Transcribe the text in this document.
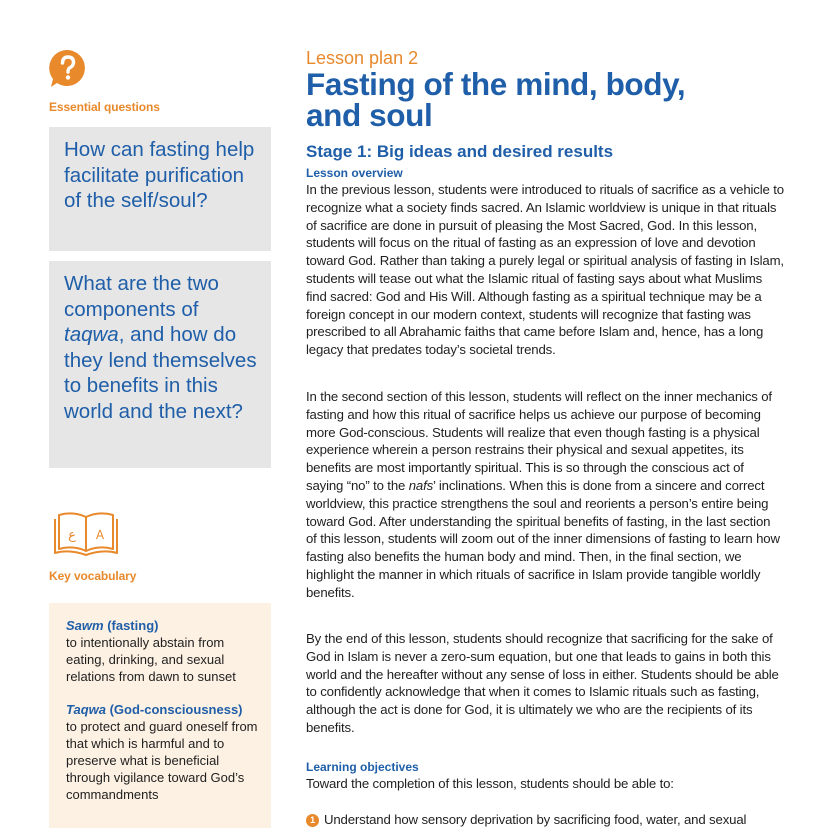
Essential questions
How can fasting help facilitate purification of the self/soul?
What are the two components of taqwa, and how do they lend themselves to benefits in this world and the next?
ع A
Key vocabulary
Sawm (fasting)
to intentionally abstain from eating, drinking, and sexual relations from dawn to sunset
Taqwa (God-consciousness)
to protect and guard oneself from that which is harmful and to preserve what is beneficial through vigilance toward God’s commandments
Lesson plan 2
Fasting of the mind, body, and soul
Stage 1: Big ideas and desired results
Lesson overview
In the previous lesson, students were introduced to rituals of sacrifice as a vehicle to recognize what a society finds sacred. An Islamic worldview is unique in that rituals of sacrifice are done in pursuit of pleasing the Most Sacred, God. In this lesson, students will focus on the ritual of fasting as an expression of love and devotion toward God. Rather than taking a purely legal or spiritual analysis of fasting in Islam, students will tease out what the Islamic ritual of fasting says about what Muslims find sacred: God and His Will. Although fasting as a spiritual technique may be a foreign concept in our modern context, students will recognize that fasting was prescribed to all Abrahamic faiths that came before Islam and, hence, has a long legacy that predates today’s societal trends.
In the second section of this lesson, students will reflect on the inner mechanics of fasting and how this ritual of sacrifice helps us achieve our purpose of becoming more God-conscious. Students will realize that even though fasting is a physical experience wherein a person restrains their physical and sexual appetites, its benefits are most importantly spiritual. This is so through the conscious act of saying “no” to the nafs’ inclinations. When this is done from a sincere and correct worldview, this practice strengthens the soul and reorients a person’s entire being toward God. After understanding the spiritual benefits of fasting, in the last section of this lesson, students will zoom out of the inner dimensions of fasting to learn how fasting also benefits the human body and mind. Then, in the final section, we highlight the manner in which rituals of sacrifice in Islam provide tangible worldly benefits.
By the end of this lesson, students should recognize that sacrificing for the sake of God in Islam is never a zero-sum equation, but one that leads to gains in both this world and the hereafter without any sense of loss in either. Students should be able to confidently acknowledge that when it comes to Islamic rituals such as fasting, although the act is done for God, it is ultimately we who are the recipients of its benefits.
Learning objectives
Toward the completion of this lesson, students should be able to:
1 Understand how sensory deprivation by sacrificing food, water, and sexual
